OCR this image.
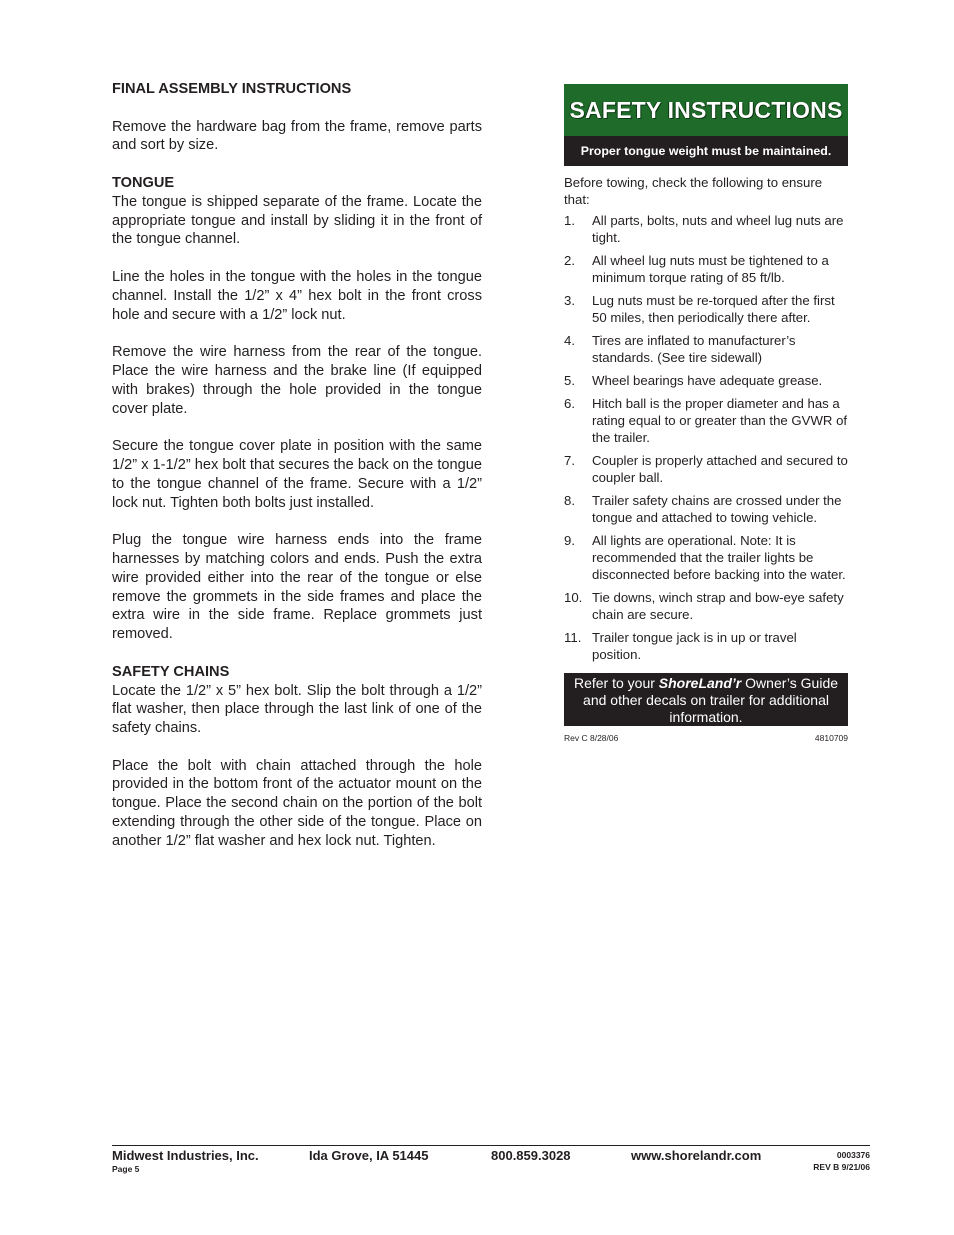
FINAL ASSEMBLY INSTRUCTIONS

Remove the hardware bag from the frame, remove parts and sort by size.

TONGUE

The tongue is shipped separate of the frame. Locate the appropriate tongue and install by sliding it in the front of the tongue channel.

Line the holes in the tongue with the holes in the tongue channel. Install the 1/2” x 4” hex bolt in the front cross hole and secure with a 1/2” lock nut.

Remove the wire harness from the rear of the tongue. Place the wire harness and the brake line (If equipped with brakes) through the hole provided in the tongue cover plate.

Secure the tongue cover plate in position with the same 1/2” x 1-1/2” hex bolt that secures the back on the tongue to the tongue channel of the frame. Secure with a 1/2” lock nut. Tighten both bolts just installed.

Plug the tongue wire harness ends into the frame harnesses by matching colors and ends. Push the extra wire provided either into the rear of the tongue or else remove the grommets in the side frames and place the extra wire in the side frame. Replace grommets just removed.

SAFETY CHAINS

Locate the 1/2” x 5” hex bolt. Slip the bolt through a 1/2” flat washer, then place through the last link of one of the safety chains.

Place the bolt with chain attached through the hole provided in the bottom front of the actuator mount on the tongue. Place the second chain on the portion of the bolt extending through the other side of the tongue. Place on another 1/2” flat washer and hex lock nut. Tighten.

SAFETY INSTRUCTIONS
Proper tongue weight must be maintained.
Before towing, check the following to ensure that:
1. All parts, bolts, nuts and wheel lug nuts are tight.
2. All wheel lug nuts must be tightened to a minimum torque rating of 85 ft/lb.
3. Lug nuts must be re-torqued after the first 50 miles, then periodically there after.
4. Tires are inflated to manufacturer’s standards. (See tire sidewall)
5. Wheel bearings have adequate grease.
6. Hitch ball is the proper diameter and has a rating equal to or greater than the GVWR of the trailer.
7. Coupler is properly attached and secured to coupler ball.
8. Trailer safety chains are crossed under the tongue and attached to towing vehicle.
9. All lights are operational. Note: It is recommended that the trailer lights be disconnected before backing into the water.
10. Tie downs, winch strap and bow-eye safety chain are secure.
11. Trailer tongue jack is in up or travel position.
Refer to your ShoreLand’r Owner’s Guide and other decals on trailer for additional information.
Rev C 8/28/06	4810709
Midwest Industries, Inc.	Ida Grove, IA 51445	800.859.3028	www.shorelandr.com
Page 5
0003376
REV B 9/21/06
